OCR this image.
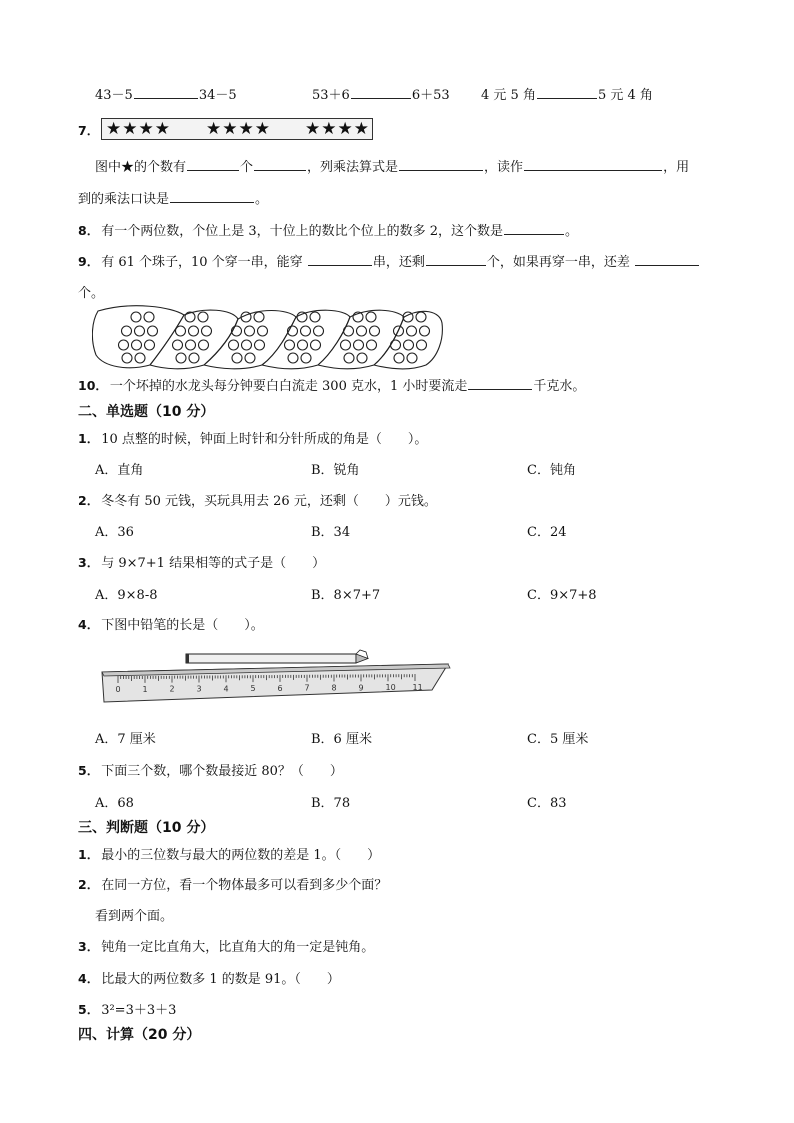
43－5	34－5	53＋6	6＋53 4 元 5 角	5 元 4 角
7． ★★★★ ★★★★ ★★★★
图中★的个数有	个	，列乘法算式是	，读作	，用
到的乘法口诀是	。
8． 有一个两位数，个位上是 3，十位上的数比个位上的数多 2，这个数是	。
9． 有 61 个珠子，10 个穿一串，能穿	串，还剩	个，如果再穿一串，还差
个。
10． 一个坏掉的水龙头每分钟要白白流走 300 克水，1 小时要流走	千克水。
二、单选题（10 分）
1． 10 点整的时候，钟面上时针和分针所成的角是（　　）。
A．直角	B．锐角	C．钝角
2． 冬冬有 50 元钱，买玩具用去 26 元，还剩（　　）元钱。
A．36	B．34	C．24
3． 与 9×7+1 结果相等的式子是（　　）
A．9×8-8	B．8×7+7	C．9×7+8
4． 下图中铅笔的长是（　　）。
0	1	2	3	4	5	6	7	8	9	10 11
A．7 厘米	B．6 厘米	C．5 厘米
5． 下面三个数，哪个数最接近 80？（　　）
A．68	B．78	C．83
三、判断题（10 分）
1． 最小的三位数与最大的两位数的差是 1。（　　）
2． 在同一方位，看一个物体最多可以看到多少个面？
看到两个面。
3． 钝角一定比直角大，比直角大的角一定是钝角。
4． 比最大的两位数多 1 的数是 91。（　　）
5． 3²=3＋3＋3
四、计算（20 分）
